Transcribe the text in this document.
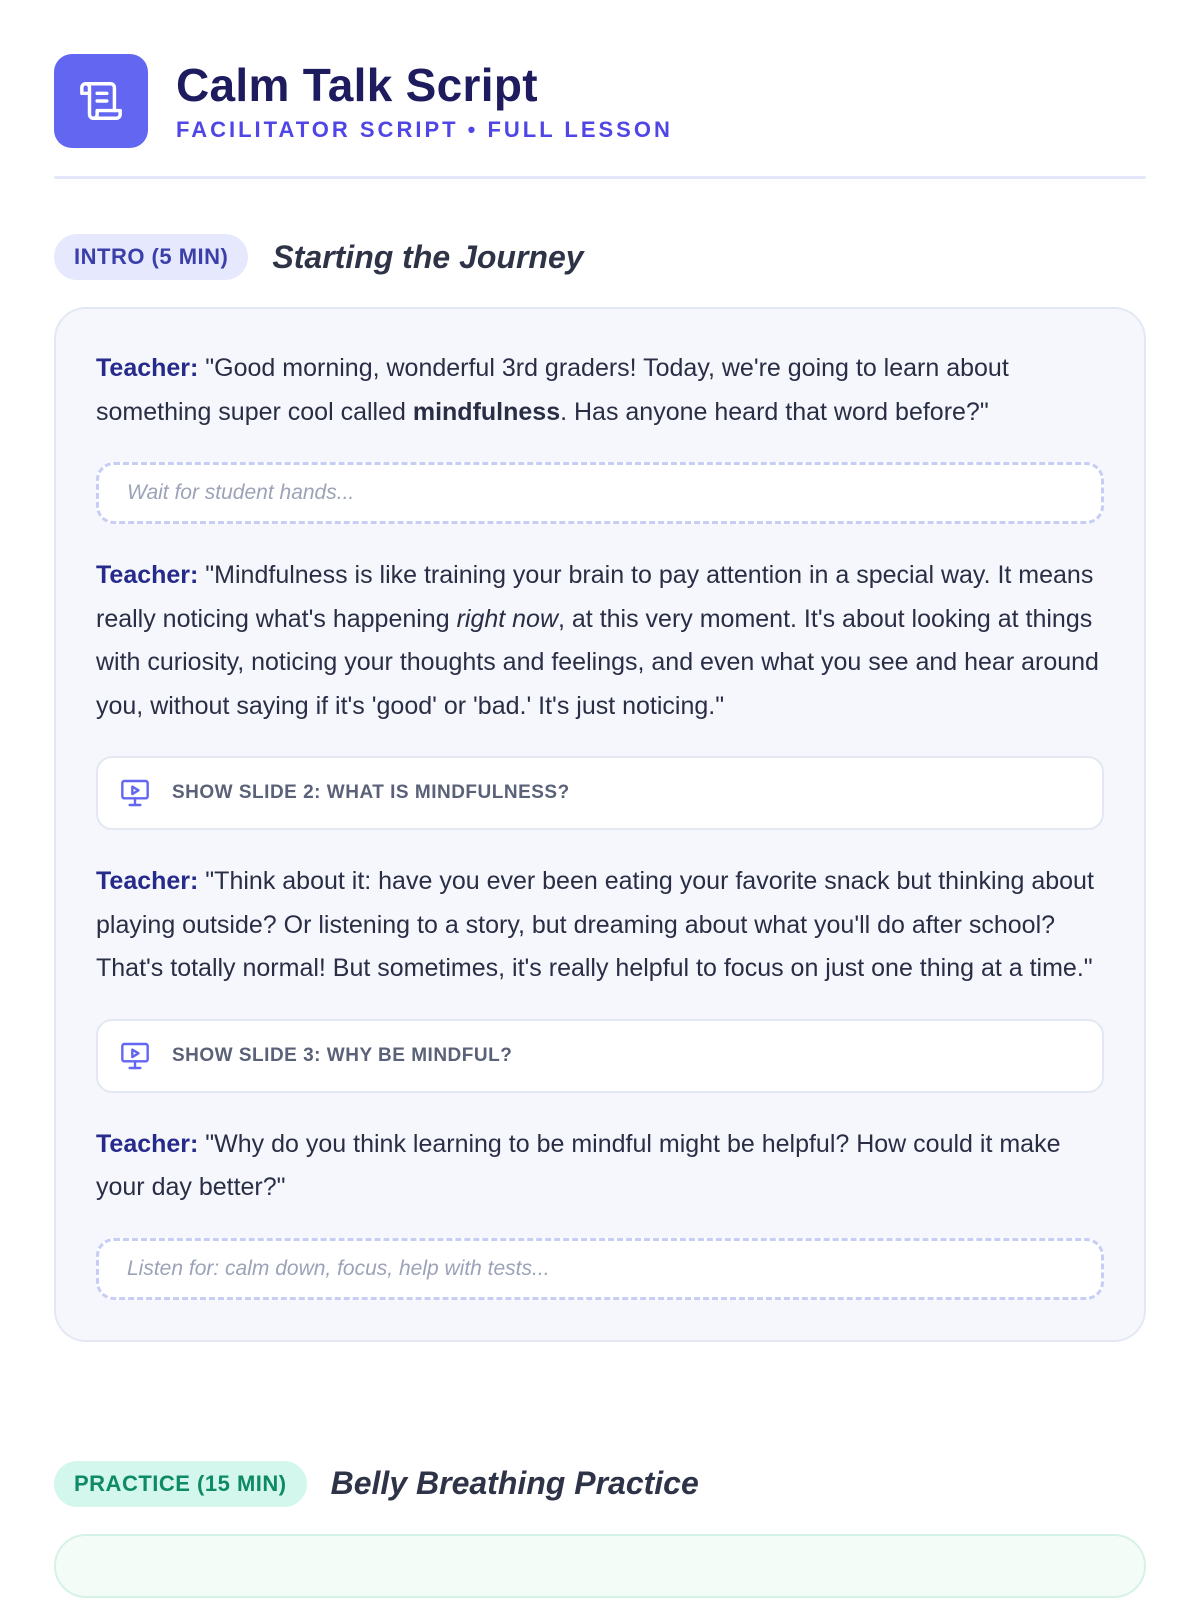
Calm Talk Script
FACILITATOR SCRIPT • FULL LESSON
INTRO (5 MIN)	Starting the Journey
Teacher: "Good morning, wonderful 3rd graders! Today, we're going to learn about something super cool called mindfulness. Has anyone heard that word before?"
Wait for student hands...
Teacher: "Mindfulness is like training your brain to pay attention in a special way. It means really noticing what's happening right now, at this very moment. It's about looking at things with curiosity, noticing your thoughts and feelings, and even what you see and hear around you, without saying if it's 'good' or 'bad.' It's just noticing."
SHOW SLIDE 2: WHAT IS MINDFULNESS?
Teacher: "Think about it: have you ever been eating your favorite snack but thinking about playing outside? Or listening to a story, but dreaming about what you'll do after school? That's totally normal! But sometimes, it's really helpful to focus on just one thing at a time."
SHOW SLIDE 3: WHY BE MINDFUL?
Teacher: "Why do you think learning to be mindful might be helpful? How could it make your day better?"
Listen for: calm down, focus, help with tests...
PRACTICE (15 MIN)	Belly Breathing Practice
